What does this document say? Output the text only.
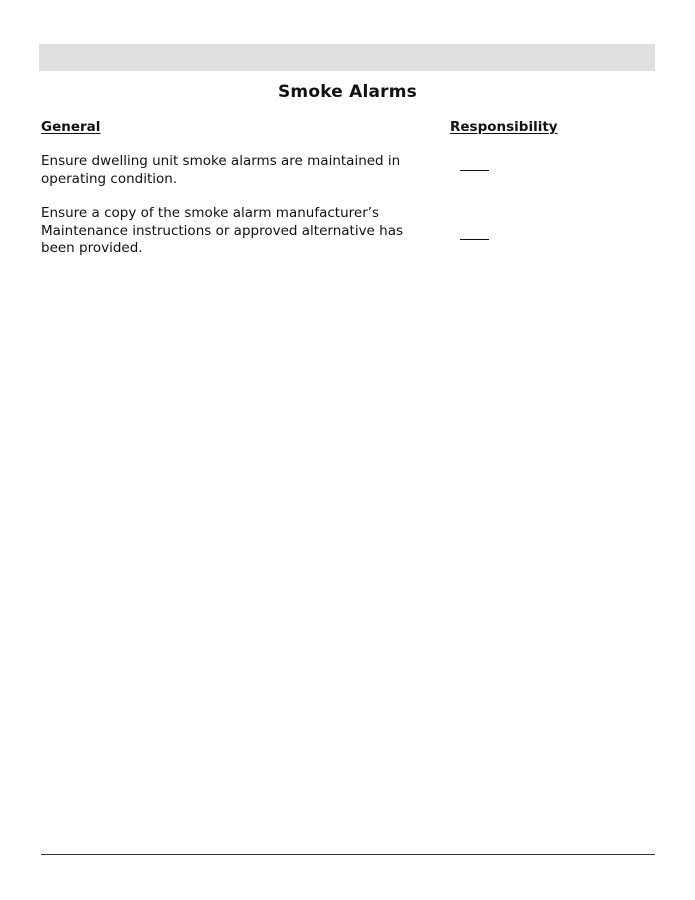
Smoke Alarms
General	Responsibility
Ensure dwelling unit smoke alarms are maintained in operating condition.
Ensure a copy of the smoke alarm manufacturer’s Maintenance instructions or approved alternative has been provided.
